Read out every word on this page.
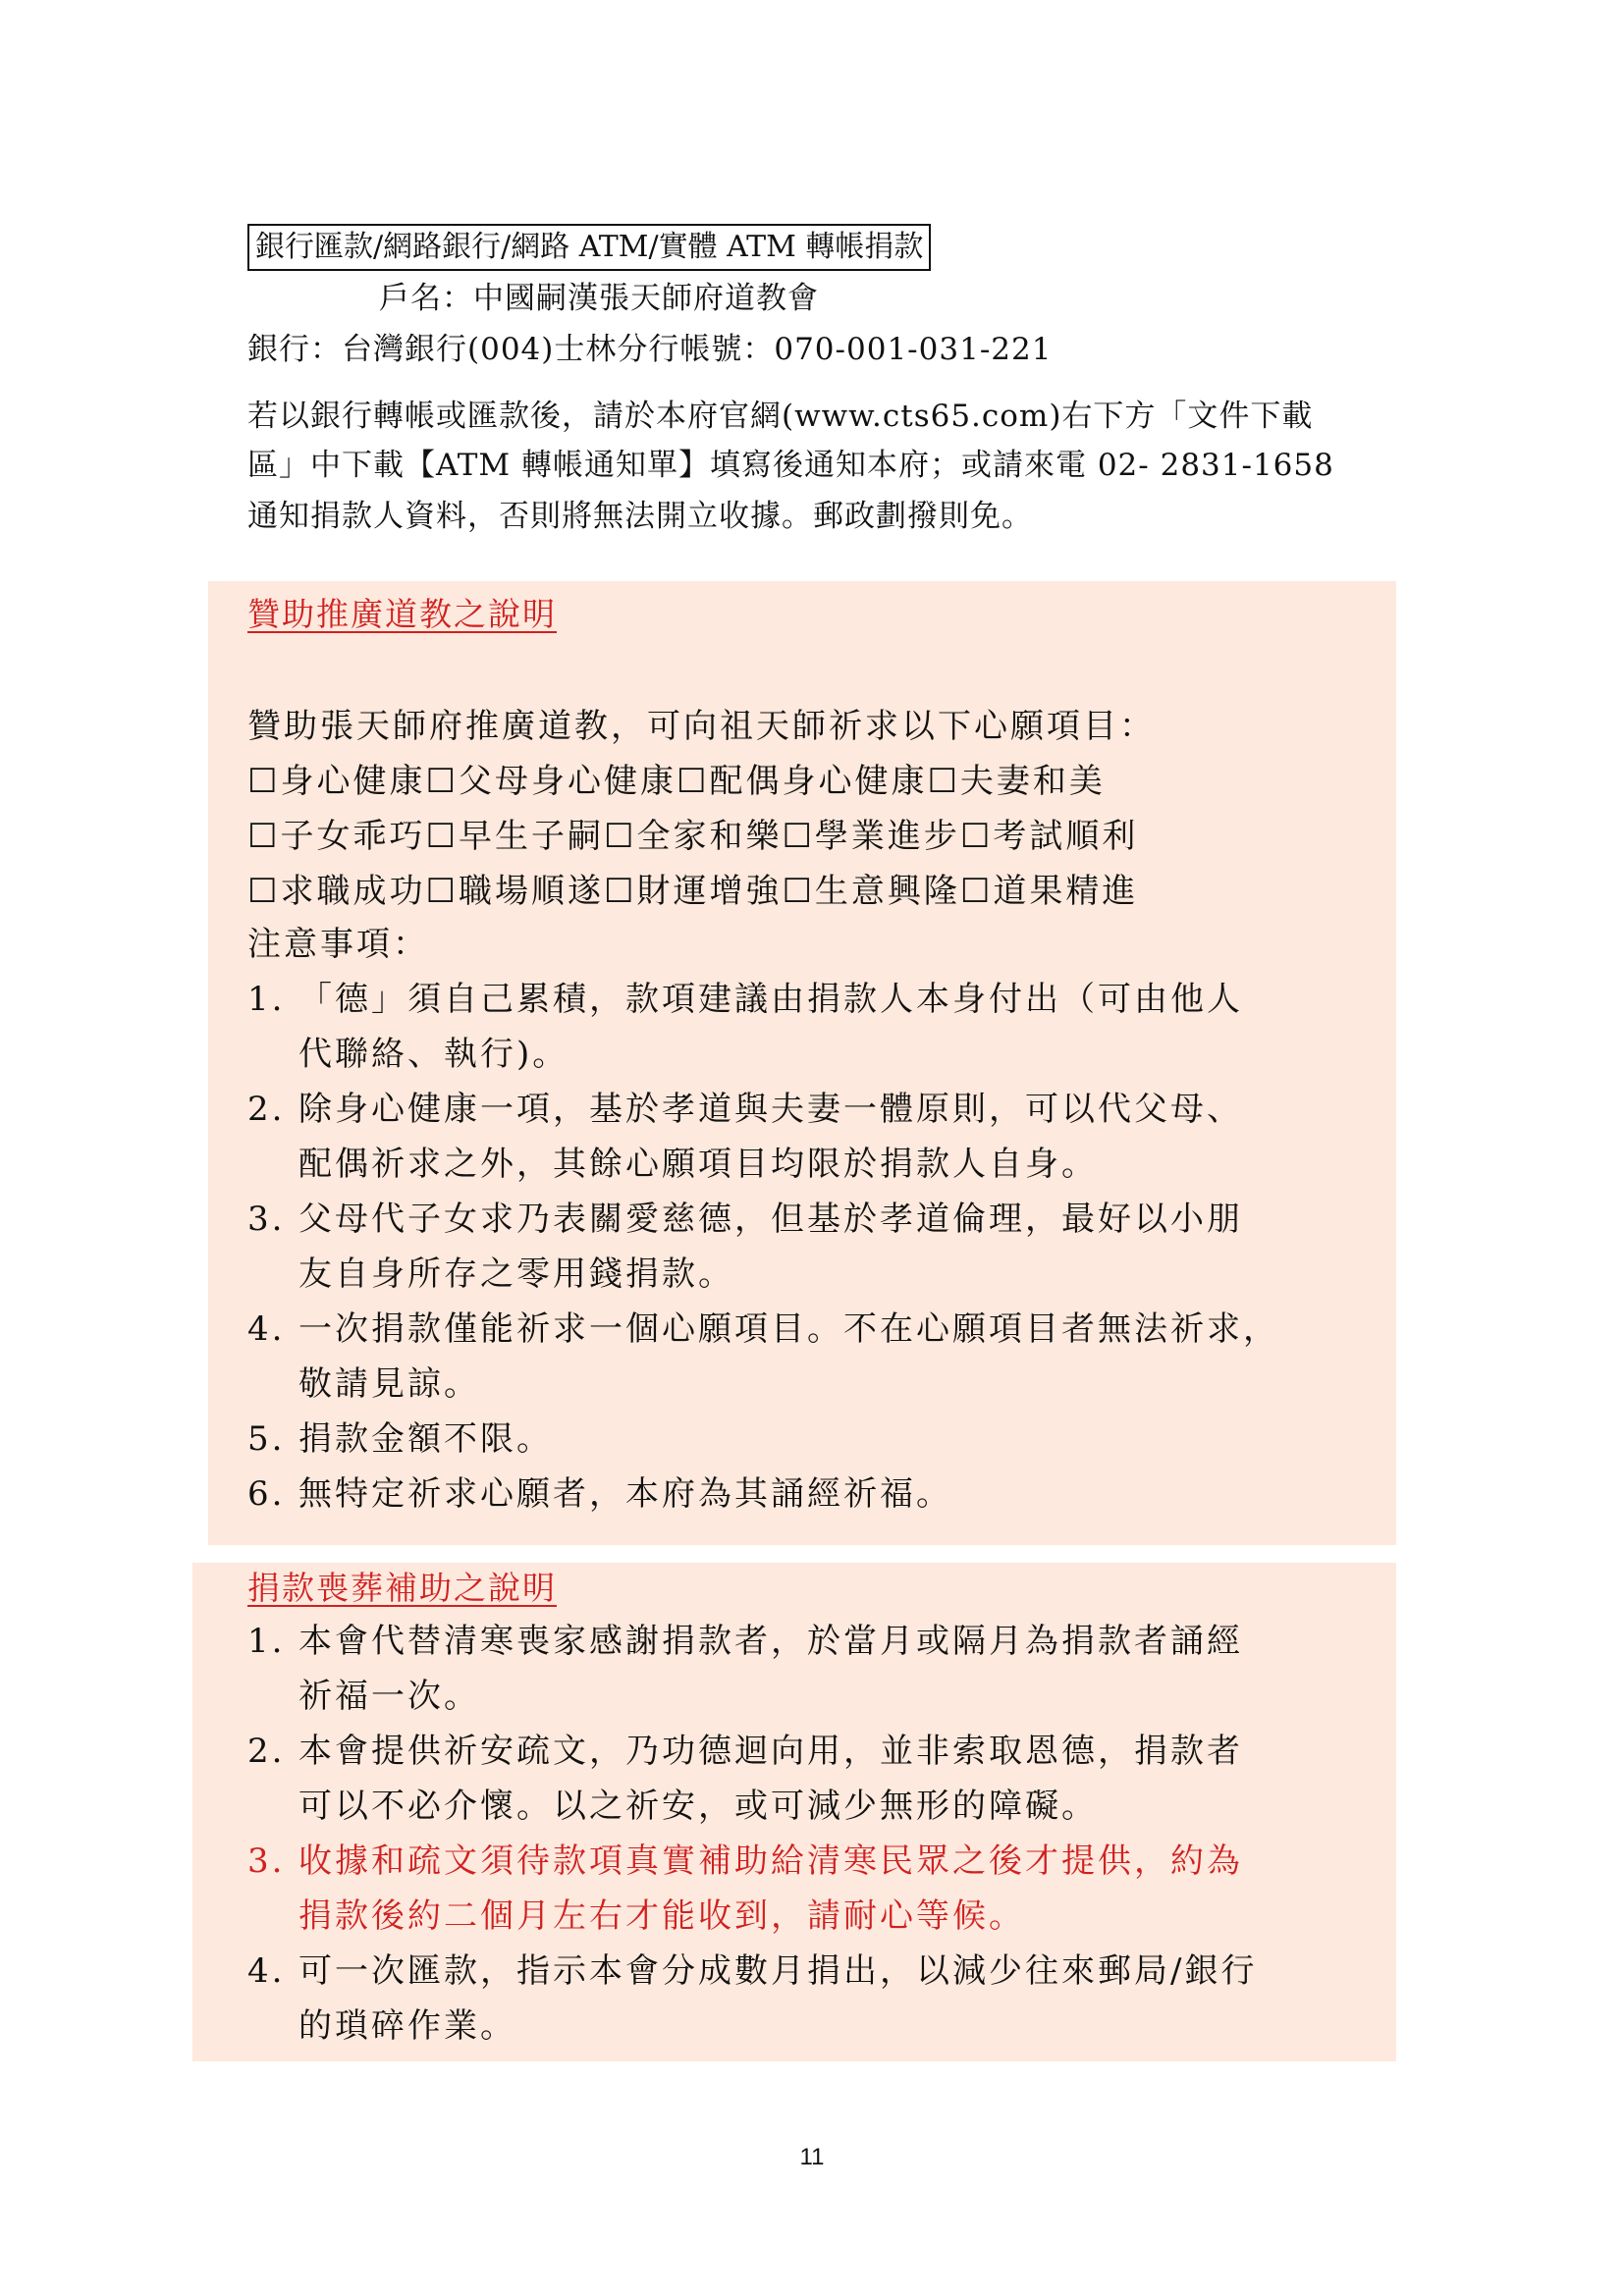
銀行匯款/網路銀行/網路 ATM/實體 ATM 轉帳捐款
戶名：中國嗣漢張天師府道教會
銀行：台灣銀行(004)士林分行帳號：070-001-031-221
若以銀行轉帳或匯款後，請於本府官網(www.cts65.com)右下方「文件下載
區」中下載【ATM 轉帳通知單】填寫後通知本府；或請來電 02- 2831-1658
通知捐款人資料，否則將無法開立收據。郵政劃撥則免。
贊助推廣道教之說明
贊助張天師府推廣道教，可向祖天師祈求以下心願項目：
☐身心健康☐父母身心健康☐配偶身心健康☐夫妻和美
☐子女乖巧☐早生子嗣☐全家和樂☐學業進步☐考試順利
☐求職成功☐職場順遂☐財運增強☐生意興隆☐道果精進
注意事項：
1. 「德」須自己累積，款項建議由捐款人本身付出（可由他人
代聯絡、執行)。
2. 除身心健康一項，基於孝道與夫妻一體原則，可以代父母、
配偶祈求之外，其餘心願項目均限於捐款人自身。
3. 父母代子女求乃表關愛慈德，但基於孝道倫理，最好以小朋
友自身所存之零用錢捐款。
4. 一次捐款僅能祈求一個心願項目。不在心願項目者無法祈求，
敬請見諒。
5. 捐款金額不限。
6. 無特定祈求心願者，本府為其誦經祈福。
捐款喪葬補助之說明
1. 本會代替清寒喪家感謝捐款者，於當月或隔月為捐款者誦經
祈福一次。
2. 本會提供祈安疏文，乃功德迴向用，並非索取恩德，捐款者
可以不必介懷。以之祈安，或可減少無形的障礙。
3. 收據和疏文須待款項真實補助給清寒民眾之後才提供，約為
捐款後約二個月左右才能收到，請耐心等候。
4. 可一次匯款，指示本會分成數月捐出，以減少往來郵局/銀行
的瑣碎作業。
11
